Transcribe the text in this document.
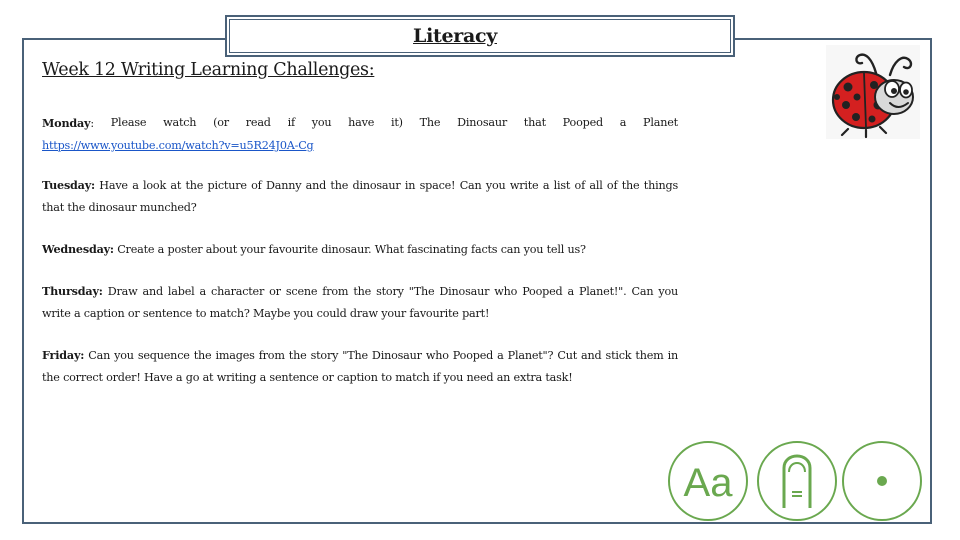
Literacy
Week 12 Writing Learning Challenges:
Monday: Please watch (or read if you have it) The Dinosaur that Pooped a Planet
https://www.youtube.com/watch?v=u5R24J0A-Cg
Tuesday: Have a look at the picture of Danny and the dinosaur in space! Can you write a list of all of the things that the dinosaur munched?
Wednesday: Create a poster about your favourite dinosaur. What fascinating facts can you tell us?
Thursday: Draw and label a character or scene from the story "The Dinosaur who Pooped a Planet!". Can you write a caption or sentence to match? Maybe you could draw your favourite part!
Friday: Can you sequence the images from the story "The Dinosaur who Pooped a Planet"? Cut and stick them in the correct order! Have a go at writing a sentence or caption to match if you need an extra task!
Aa
